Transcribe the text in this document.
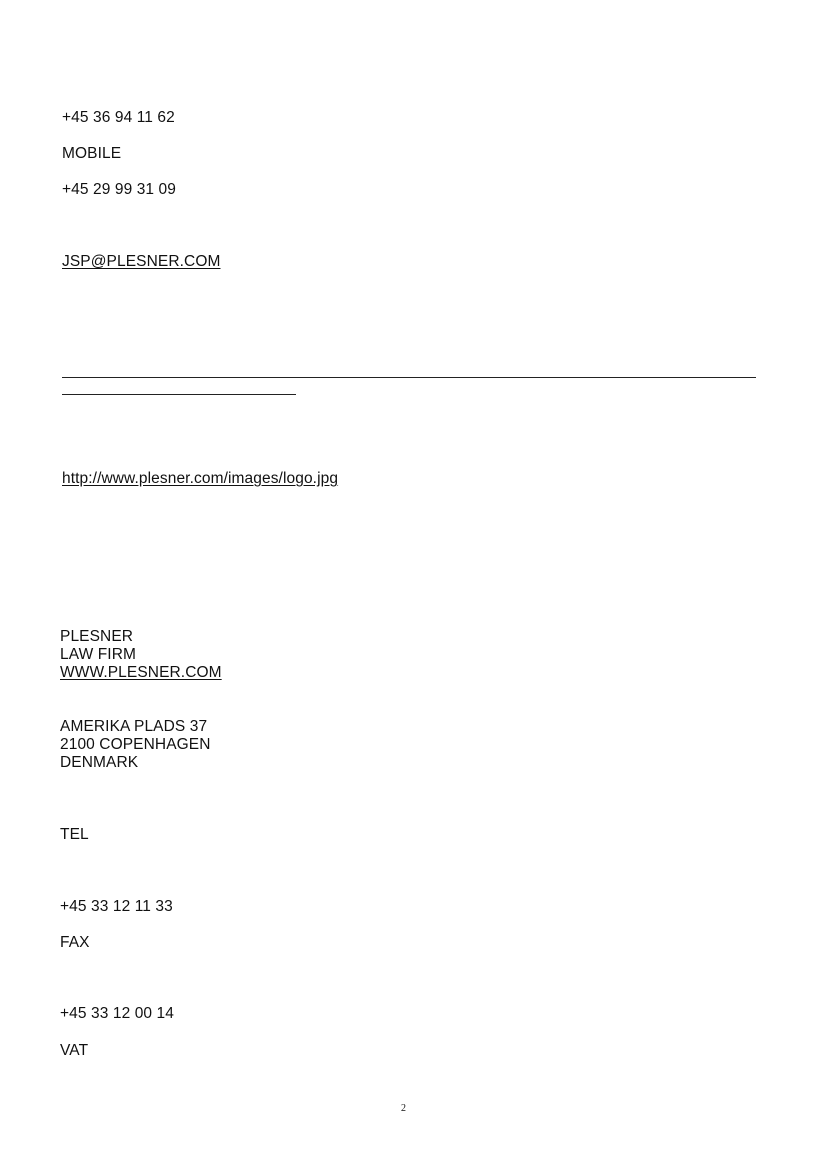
+45 36 94 11 62
MOBILE
+45 29 99 31 09
JSP@PLESNER.COM
http://www.plesner.com/images/logo.jpg
PLESNER
LAW FIRM
WWW.PLESNER.COM
AMERIKA PLADS 37
2100 COPENHAGEN
DENMARK
TEL
+45 33 12 11 33
FAX
+45 33 12 00 14
VAT
2
